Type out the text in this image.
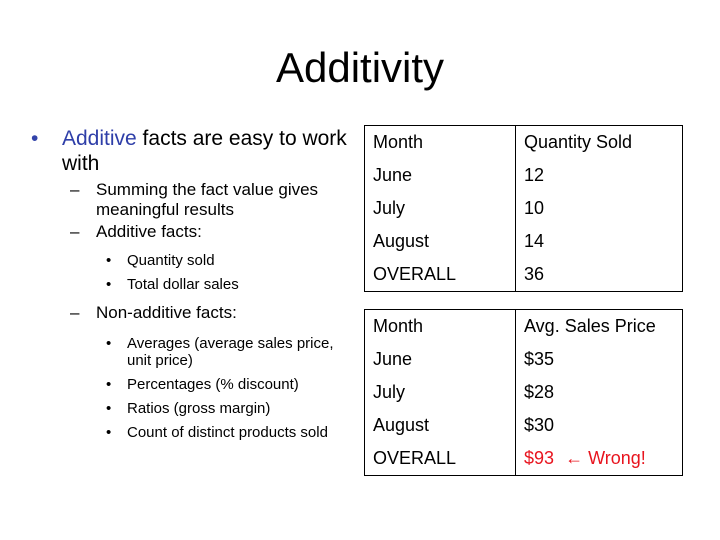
Additivity
• Additive facts are easy to work with
– Summing the fact value gives meaningful results
– Additive facts:
• Quantity sold
• Total dollar sales
– Non-additive facts:
• Averages (average sales price, unit price)
• Percentages (% discount)
• Ratios (gross margin)
• Count of distinct products sold
Month	Quantity Sold
June	12
July	10
August	14
OVERALL	36
Month	Avg. Sales Price
June	$35
July	$28
August	$30
OVERALL	$93 ← Wrong!
